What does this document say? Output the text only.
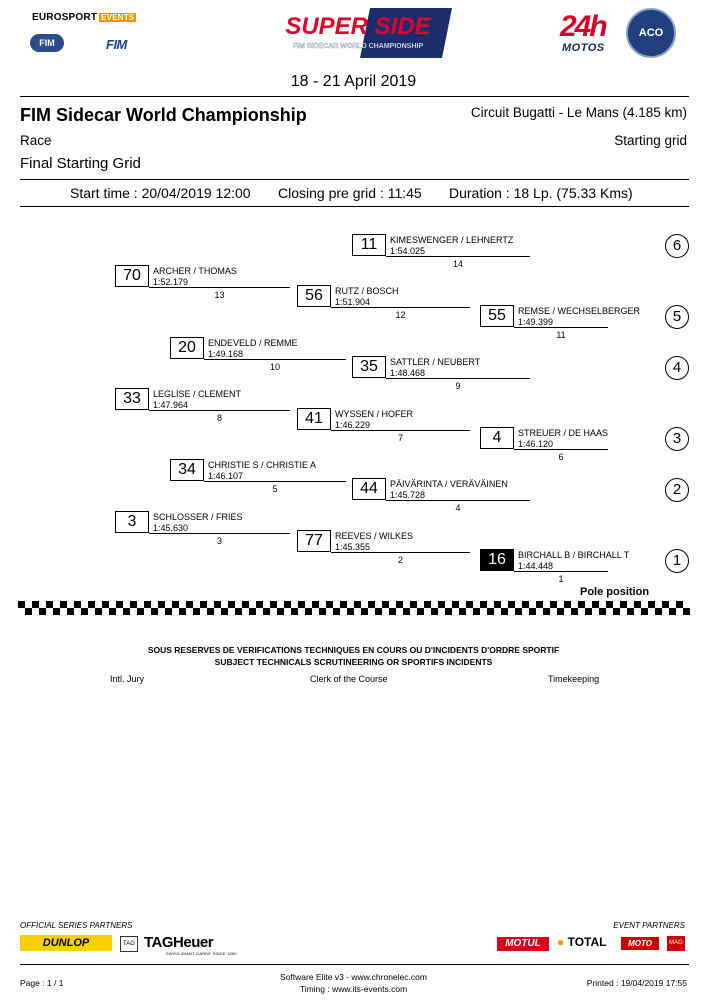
EUROSPORT EVENTS
FIM	FIM
SUPER SIDE
FIM SIDECAR WORLD CHAMPIONSHIP
24h
MOTOS
ACO
18 - 21 April 2019
FIM Sidecar World Championship	Circuit Bugatti - Le Mans (4.185 km)
Race	Starting grid
Final Starting Grid
Start time : 20/04/2019 12:00 Closing pre grid : 11:45 Duration : 18 Lp. (75.33 Kms)
16	BIRCHALL B / BIRCHALL T
1:44.448
1
77	REEVES / WILKES
1:45.355
2
3	SCHLOSSER / FRIES
1:45.630
3
44	PÄIVÄRINTA / VERÄVÄINEN
1:45.728
4
34	CHRISTIE S / CHRISTIE A
1:46.107
5
4	STREUER / DE HAAS
1:46.120
6
41	WYSSEN / HOFER
1:46.229
7
33	LEGLISE / CLEMENT
1:47.964
8
35	SATTLER / NEUBERT
1:48.468
9
20	ENDEVELD / REMME
1:49.168
10
55	REMSE / WECHSELBERGER
1:49.399
11
56	RUTZ / BOSCH
1:51.904
12
70	ARCHER / THOMAS
1:52.179
13
11	KIMESWENGER / LEHNERTZ
1:54.025
14
1
2
3
4
5
6
Pole position
SOUS RESERVES DE VERIFICATIONS TECHNIQUES EN COURS OU D'INCIDENTS D'ORDRE SPORTIF
SUBJECT TECHNICALS SCRUTINEERING OR SPORTIFS INCIDENTS
Intl. Jury	Clerk of the Course	Timekeeping
OFFICIAL SERIES PARTNERS	EVENT PARTNERS
DUNLOP	TAG TAGHeuer
SWISS AVANT-GARDE SINCE 1860
MOTUL	● TOTAL	MOTO	MAG
Page : 1 / 1
Software Elite v3 - www.chronelec.com
Timing : www.its-events.com
Printed : 19/04/2019 17:55
